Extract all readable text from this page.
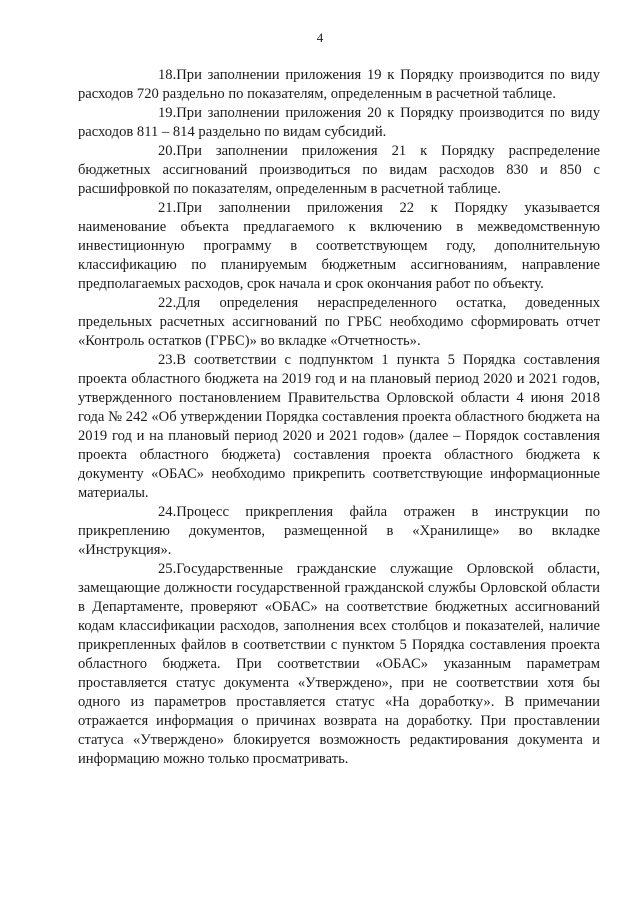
4

18.При заполнении приложения 19 к Порядку производится по виду расходов 720 раздельно по показателям, определенным в расчетной таблице.

19.При заполнении приложения 20 к Порядку производится по виду расходов 811 – 814 раздельно по видам субсидий.

20.При заполнении приложения 21 к Порядку распределение бюджетных ассигнований производиться по видам расходов 830 и 850 с расшифровкой по показателям, определенным в расчетной таблице.

21.При заполнении приложения 22 к Порядку указывается наименование объекта предлагаемого к включению в межведомственную инвестиционную программу в соответствующем году, дополнительную классификацию по планируемым бюджетным ассигнованиям, направление предполагаемых расходов, срок начала и срок окончания работ по объекту.

22.Для определения нераспределенного остатка, доведенных предельных расчетных ассигнований по ГРБС необходимо сформировать отчет «Контроль остатков (ГРБС)» во вкладке «Отчетность».

23.В соответствии с подпунктом 1 пункта 5 Порядка составления проекта областного бюджета на 2019 год и на плановый период 2020 и 2021 годов, утвержденного постановлением Правительства Орловской области 4 июня 2018 года № 242 «Об утверждении Порядка составления проекта областного бюджета на 2019 год и на плановый период 2020 и 2021 годов» (далее – Порядок составления проекта областного бюджета) составления проекта областного бюджета к документу «ОБАС» необходимо прикрепить соответствующие информационные материалы.

24.Процесс прикрепления файла отражен в инструкции по прикреплению документов, размещенной в «Хранилище» во вкладке «Инструкция».

25.Государственные гражданские служащие Орловской области, замещающие должности государственной гражданской службы Орловской области в Департаменте, проверяют «ОБАС» на соответствие бюджетных ассигнований кодам классификации расходов, заполнения всех столбцов и показателей, наличие прикрепленных файлов в соответствии с пунктом 5 Порядка составления проекта областного бюджета. При соответствии «ОБАС» указанным параметрам проставляется статус документа «Утверждено», при не соответствии хотя бы одного из параметров проставляется статус «На доработку». В примечании отражается информация о причинах возврата на доработку. При проставлении статуса «Утверждено» блокируется возможность редактирования документа и информацию можно только просматривать.
